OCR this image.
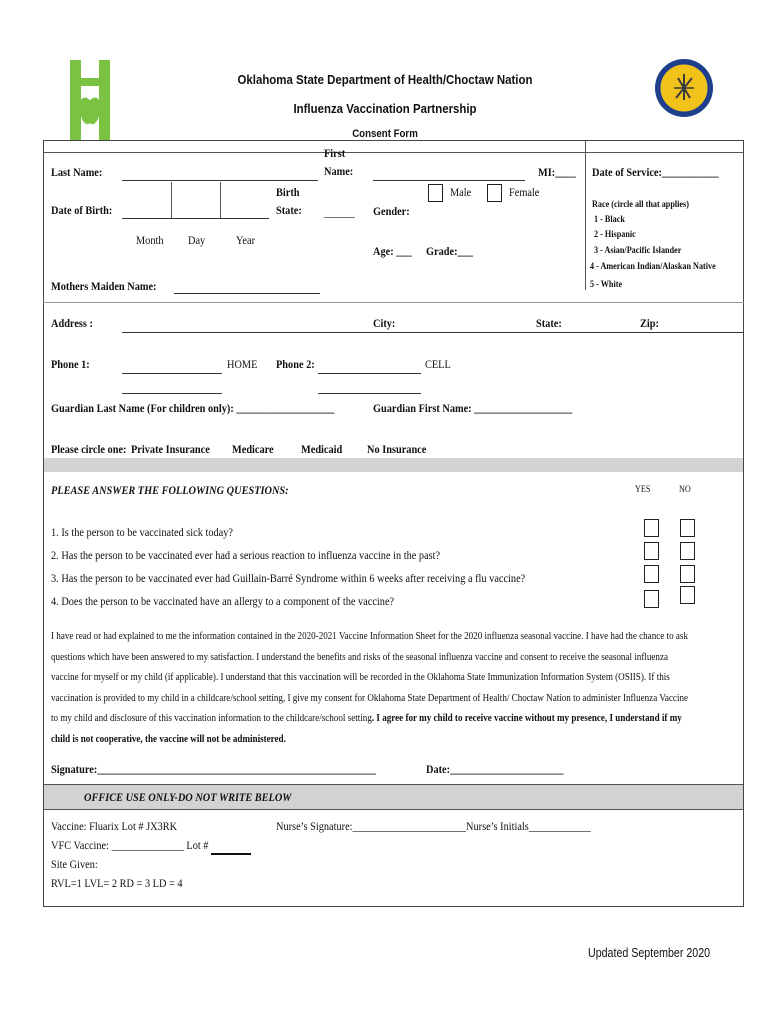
Oklahoma State Department of Health/Choctaw Nation
Influenza Vaccination Partnership
Consent Form
Last Name:
First
Name:	MI:____ Date of Service:___________
Date of Birth:
Month Day	Year
Birth
State: ______
Male	Female
Gender:
Age: ___ Grade:___
Race (circle all that applies)
1 - Black
2 - Hispanic
3 - Asian/Pacific Islander
4 - American Indian/Alaskan Native
5 - White
Mothers Maiden Name:
Address :	City:	State:	Zip:
Phone 1:	HOME Phone 2:	CELL
Guardian Last Name (For children only): ___________________	Guardian First Name: ___________________
Please circle one: Private Insurance Medicare Medicaid No Insurance
PLEASE ANSWER THE FOLLOWING QUESTIONS:	YES	NO
1. Is the person to be vaccinated sick today?
2. Has the person to be vaccinated ever had a serious reaction to influenza vaccine in the past?
3. Has the person to be vaccinated ever had Guillain-Barré Syndrome within 6 weeks after receiving a flu vaccine?
4. Does the person to be vaccinated have an allergy to a component of the vaccine?
I have read or had explained to me the information contained in the 2020-2021 Vaccine Information Sheet for the 2020 influenza seasonal vaccine. I have had the chance to ask
questions which have been answered to my satisfaction. I understand the benefits and risks of the seasonal influenza vaccine and consent to receive the seasonal influenza
vaccine for myself or my child (if applicable). I understand that this vaccination will be recorded in the Oklahoma State Immunization Information System (OSIIS). If this
vaccination is provided to my child in a childcare/school setting, I give my consent for Oklahoma State Department of Health/ Choctaw Nation to administer Influenza Vaccine
to my child and disclosure of this vaccination information to the childcare/school setting. I agree for my child to receive vaccine without my presence, I understand if my
child is not cooperative, the vaccine will not be administered.
Signature:______________________________________________________	Date:______________________
OFFICE USE ONLY-DO NOT WRITE BELOW
Vaccine: Fluarix Lot # JX3RK	Nurse’s Signature:______________________Nurse’s Initials____________
VFC Vaccine: ______________ Lot #
Site Given:
RVL=1 LVL= 2 RD = 3 LD = 4
Updated September 2020
